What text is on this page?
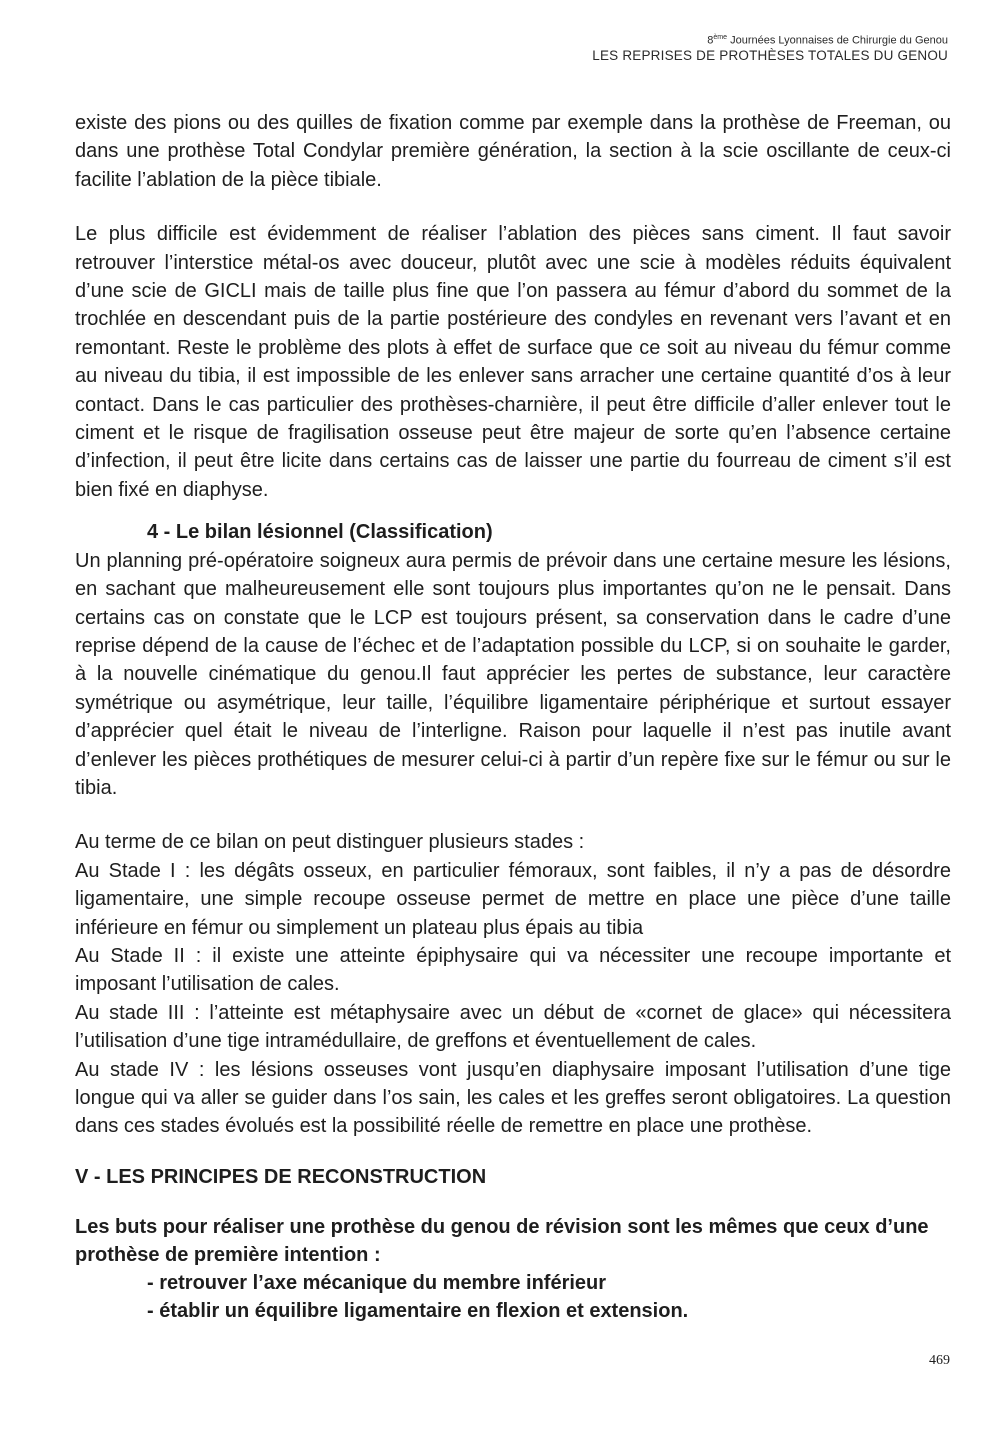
8ème Journées Lyonnaises de Chirurgie du Genou
LES REPRISES DE PROTHÈSES TOTALES DU GENOU

existe des pions ou des quilles de fixation comme par exemple dans la prothèse de Freeman, ou dans une prothèse Total Condylar première génération, la section à la scie oscillante de ceux-ci facilite l’ablation de la pièce tibiale.

Le plus difficile est évidemment de réaliser l’ablation des pièces sans ciment. Il faut savoir retrouver l’interstice métal-os avec douceur, plutôt avec une scie à modèles réduits équivalent d’une scie de GICLI mais de taille plus fine que l’on passera au fémur d’abord du sommet de la trochlée en descendant puis de la partie postérieure des condyles en revenant vers l’avant et en remontant. Reste le problème des plots à effet de surface que ce soit au niveau du fémur comme au niveau du tibia, il est impossible de les enlever sans arracher une certaine quantité d’os à leur contact. Dans le cas particulier des prothèses-charnière, il peut être difficile d’aller enlever tout le ciment et le risque de fragilisation osseuse peut être majeur de sorte qu’en l’absence certaine d’infection, il peut être licite dans certains cas de laisser une partie du fourreau de ciment s’il est bien fixé en diaphyse.

4 - Le bilan lésionnel (Classification)

Un planning pré-opératoire soigneux aura permis de prévoir dans une certaine mesure les lésions, en sachant que malheureusement elle sont toujours plus importantes qu’on ne le pensait. Dans certains cas on constate que le LCP est toujours présent, sa conservation dans le cadre d’une reprise dépend de la cause de l’échec et de l’adaptation possible du LCP, si on souhaite le garder, à la nouvelle cinématique du genou.Il faut apprécier les pertes de substance, leur caractère symétrique ou asymétrique, leur taille, l’équilibre ligamentaire périphérique et surtout essayer d’apprécier quel était le niveau de l’interligne. Raison pour laquelle il n’est pas inutile avant d’enlever les pièces prothétiques de mesurer celui-ci à partir d’un repère fixe sur le fémur ou sur le tibia.

Au terme de ce bilan on peut distinguer plusieurs stades :

Au Stade I : les dégâts osseux, en particulier fémoraux, sont faibles, il n’y a pas de désordre ligamentaire, une simple recoupe osseuse permet de mettre en place une pièce d’une taille inférieure en fémur ou simplement un plateau plus épais au tibia

Au Stade II : il existe une atteinte épiphysaire qui va nécessiter une recoupe importante et imposant l’utilisation de cales.

Au stade III : l’atteinte est métaphysaire avec un début de «cornet de glace» qui nécessitera l’utilisation d’une tige intramédullaire, de greffons et éventuellement de cales.

Au stade IV : les lésions osseuses vont jusqu’en diaphysaire imposant l’utilisation d’une tige longue qui va aller se guider dans l’os sain, les cales et les greffes seront obligatoires. La question dans ces stades évolués est la possibilité réelle de remettre en place une prothèse.

V - LES PRINCIPES DE RECONSTRUCTION
Les buts pour réaliser une prothèse du genou de révision sont les mêmes que ceux d’une prothèse de première intention :
- retrouver l’axe mécanique du membre inférieur
- établir un équilibre ligamentaire en flexion et extension.
469
